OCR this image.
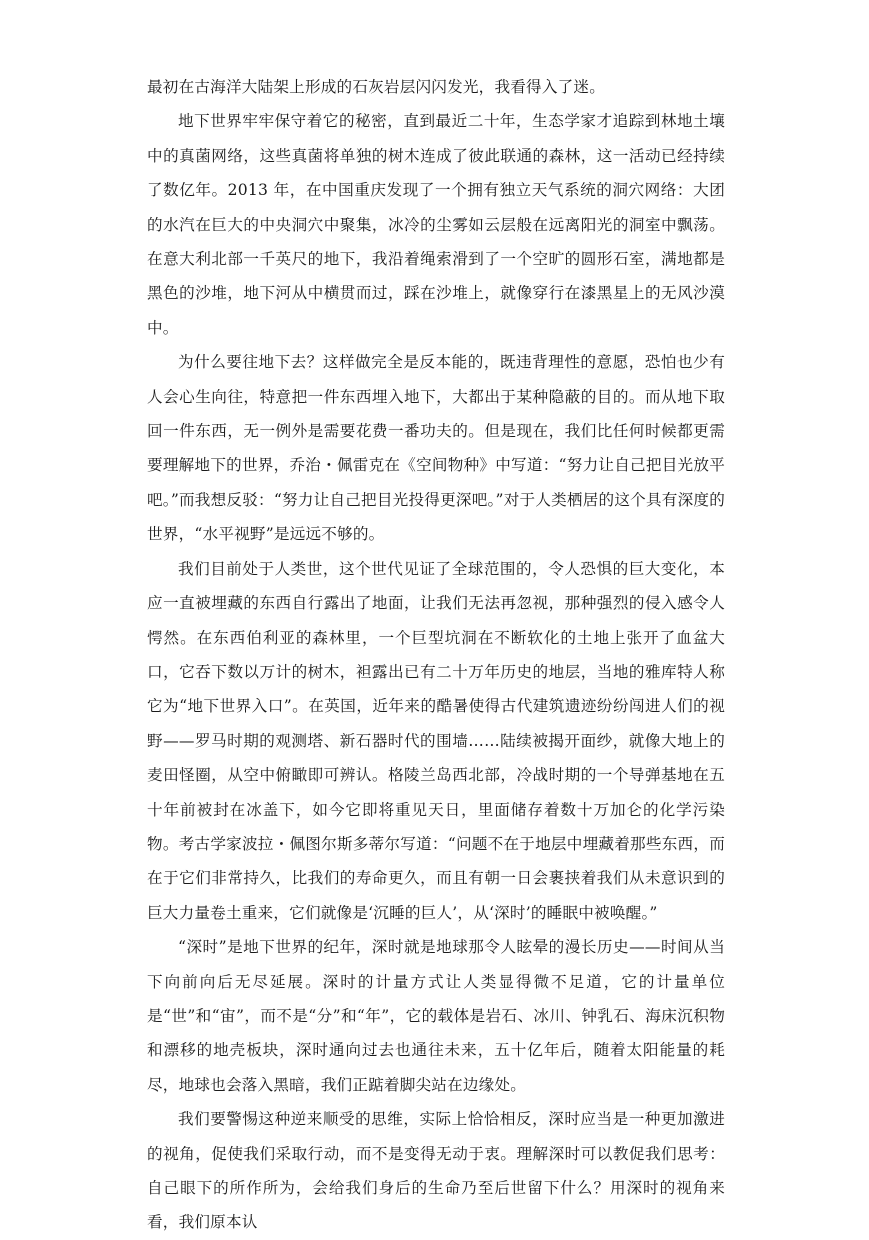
最初在古海洋大陆架上形成的石灰岩层闪闪发光，我看得入了迷。

地下世界牢牢保守着它的秘密，直到最近二十年，生态学家才追踪到林地土壤中的真菌网络，这些真菌将单独的树木连成了彼此联通的森林，这一活动已经持续了数亿年。2013 年，在中国重庆发现了一个拥有独立天气系统的洞穴网络：大团的水汽在巨大的中央洞穴中聚集，冰冷的尘雾如云层般在远离阳光的洞室中飘荡。在意大利北部一千英尺的地下，我沿着绳索滑到了一个空旷的圆形石室，满地都是黑色的沙堆，地下河从中横贯而过，踩在沙堆上，就像穿行在漆黑星上的无风沙漠中。

为什么要往地下去？这样做完全是反本能的，既违背理性的意愿，恐怕也少有人会心生向往，特意把一件东西埋入地下，大都出于某种隐蔽的目的。而从地下取回一件东西，无一例外是需要花费一番功夫的。但是现在，我们比任何时候都更需要理解地下的世界，乔治・佩雷克在《空间物种》中写道：“努力让自己把目光放平吧。”而我想反驳：“努力让自己把目光投得更深吧。”对于人类栖居的这个具有深度的世界，“水平视野”是远远不够的。

我们目前处于人类世，这个世代见证了全球范围的，令人恐惧的巨大变化，本应一直被埋藏的东西自行露出了地面，让我们无法再忽视，那种强烈的侵入感令人愕然。在东西伯利亚的森林里，一个巨型坑洞在不断软化的土地上张开了血盆大口，它吞下数以万计的树木，袒露出已有二十万年历史的地层，当地的雅库特人称它为“地下世界入口”。在英国，近年来的酷暑使得古代建筑遗迹纷纷闯进人们的视野——罗马时期的观测塔、新石器时代的围墙……陆续被揭开面纱，就像大地上的麦田怪圈，从空中俯瞰即可辨认。格陵兰岛西北部，冷战时期的一个导弹基地在五十年前被封在冰盖下，如今它即将重见天日，里面储存着数十万加仑的化学污染物。考古学家波拉・佩图尔斯多蒂尔写道：“问题不在于地层中埋藏着那些东西，而在于它们非常持久，比我们的寿命更久，而且有朝一日会裹挟着我们从未意识到的巨大力量卷土重来，它们就像是‘沉睡的巨人’，从‘深时’的睡眠中被唤醒。”

“深时”是地下世界的纪年，深时就是地球那令人眩晕的漫长历史——时间从当下向前向后无尽延展。深时的计量方式让人类显得微不足道，它的计量单位是“世”和“宙”，而不是“分”和“年”，它的载体是岩石、冰川、钟乳石、海床沉积物和漂移的地壳板块，深时通向过去也通往未来，五十亿年后，随着太阳能量的耗尽，地球也会落入黑暗，我们正踮着脚尖站在边缘处。

我们要警惕这种逆来顺受的思维，实际上恰恰相反，深时应当是一种更加激进的视角，促使我们采取行动，而不是变得无动于衷。理解深时可以教促我们思考：自己眼下的所作所为，会给我们身后的生命乃至后世留下什么？用深时的视角来看，我们原本认
